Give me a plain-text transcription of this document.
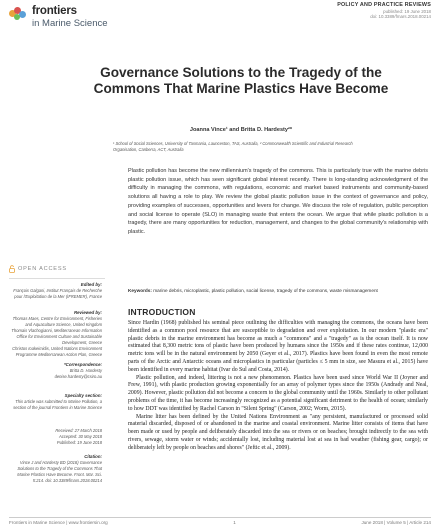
frontiers
in Marine Science
POLICY AND PRACTICE REVIEWS
published: 19 June 2018
doi: 10.3389/fmars.2018.00214
Governance Solutions to the Tragedy of the Commons That Marine Plastics Have Become
Joanna Vince¹ and Britta D. Hardesty²*
¹ School of Social Sciences, University of Tasmania, Launceston, TAS, Australia, ² Commonwealth Scientific and Industrial Research Organisation, Canberra, ACT, Australia
Plastic pollution has become the new millennium's tragedy of the commons. This is particularly true with the marine debris plastic pollution issue, which has seen significant global interest recently. There is long-standing acknowledgment of the difficulty in managing the commons, with regulations, economic and market based instruments and community-based solutions all having a role to play. We review the global plastic pollution issue in the context of governance and policy, providing examples of successes, opportunities and levers for change. We discuss the role of regulation, public perception and social license to operate (SLO) in managing waste that enters the ocean. We argue that while plastic pollution is a tragedy, there are many opportunities for reduction, management, and changes to the global community's relationship with plastic.
Keywords: marine debris, microplastic, plastic pollution, social license, tragedy of the commons, waste mismanagement
OPEN ACCESS
Edited by:
François Galgani, Institut Français de Recherche pour l'Exploitation de la Mer (IFREMER), France
Reviewed by:
Thomas Maes, Centre for Environment, Fisheries and Aquaculture Science, United Kingdom
Thomais Vlachogianni, Mediterranean Information Office for Environment Culture and Sustainable Development, Greece
Christos Ioakeimidis, United Nations Environment Programme Mediterranean Action Plan, Greece
*Correspondence:
Britta D. Hardesty
denise.hardesty@csiro.au
Specialty section:
This article was submitted to Marine Pollution, a section of the journal Frontiers in Marine Science
Received: 27 March 2018
Accepted: 30 May 2018
Published: 19 June 2018
Citation:
Vince J and Hardesty BD (2018) Governance Solutions to the Tragedy of the Commons That Marine Plastics Have Become. Front. Mar. Sci. 5:214. doi: 10.3389/fmars.2018.00214
INTRODUCTION

Since Hardin (1968) published his seminal piece outlining the difficulties with managing the commons, the oceans have been identified as a common pool resource that are susceptible to degradation and over exploitation. In our modern "plastic era" plastic debris in the marine environment has become as much a "commons" and a "tragedy" as is the ocean itself. It is now estimated that 8,300 metric tons of plastic have been produced by humans since the 1950s and if these rates continue, 12,000 metric tons will be in the natural environment by 2050 (Geyer et al., 2017). Plastics have been found in even the most remote parts of the Arctic and Antarctic oceans and microplastics in particular (particles ≤ 5 mm in size, see Masura et al., 2015) have been identified in every marine habitat (Ivar do Sul and Costa, 2014).

Plastic pollution, and indeed, littering is not a new phenomenon. Plastics have been used since World War II (Joyner and Frew, 1991), with plastic production growing exponentially for an array of polymer types since the 1950s (Andrady and Neal, 2009). However, plastic pollution did not become a concern to the global community until the 1960s. Similarly to other pollutant problems of the time, it has become increasingly recognized as a potential significant detriment to the health of ocean; similarly to how DDT was identified by Rachel Carson in "Silent Spring" (Carson, 2002; Worm, 2015).

Marine litter has been defined by the United Nations Environment as "any persistent, manufactured or processed solid material discarded, disposed of or abandoned in the marine and coastal environment. Marine litter consists of items that have been made or used by people and deliberately discarded into the sea or rivers or on beaches; brought indirectly to the sea with rivers, sewage, storm water or winds; accidentally lost, including material lost at sea in bad weather (fishing gear, cargo); or deliberately left by people on beaches and shores" (Jeftic et al., 2009).

Frontiers in Marine Science | www.frontiersin.org	1	June 2018 | Volume 5 | Article 214
